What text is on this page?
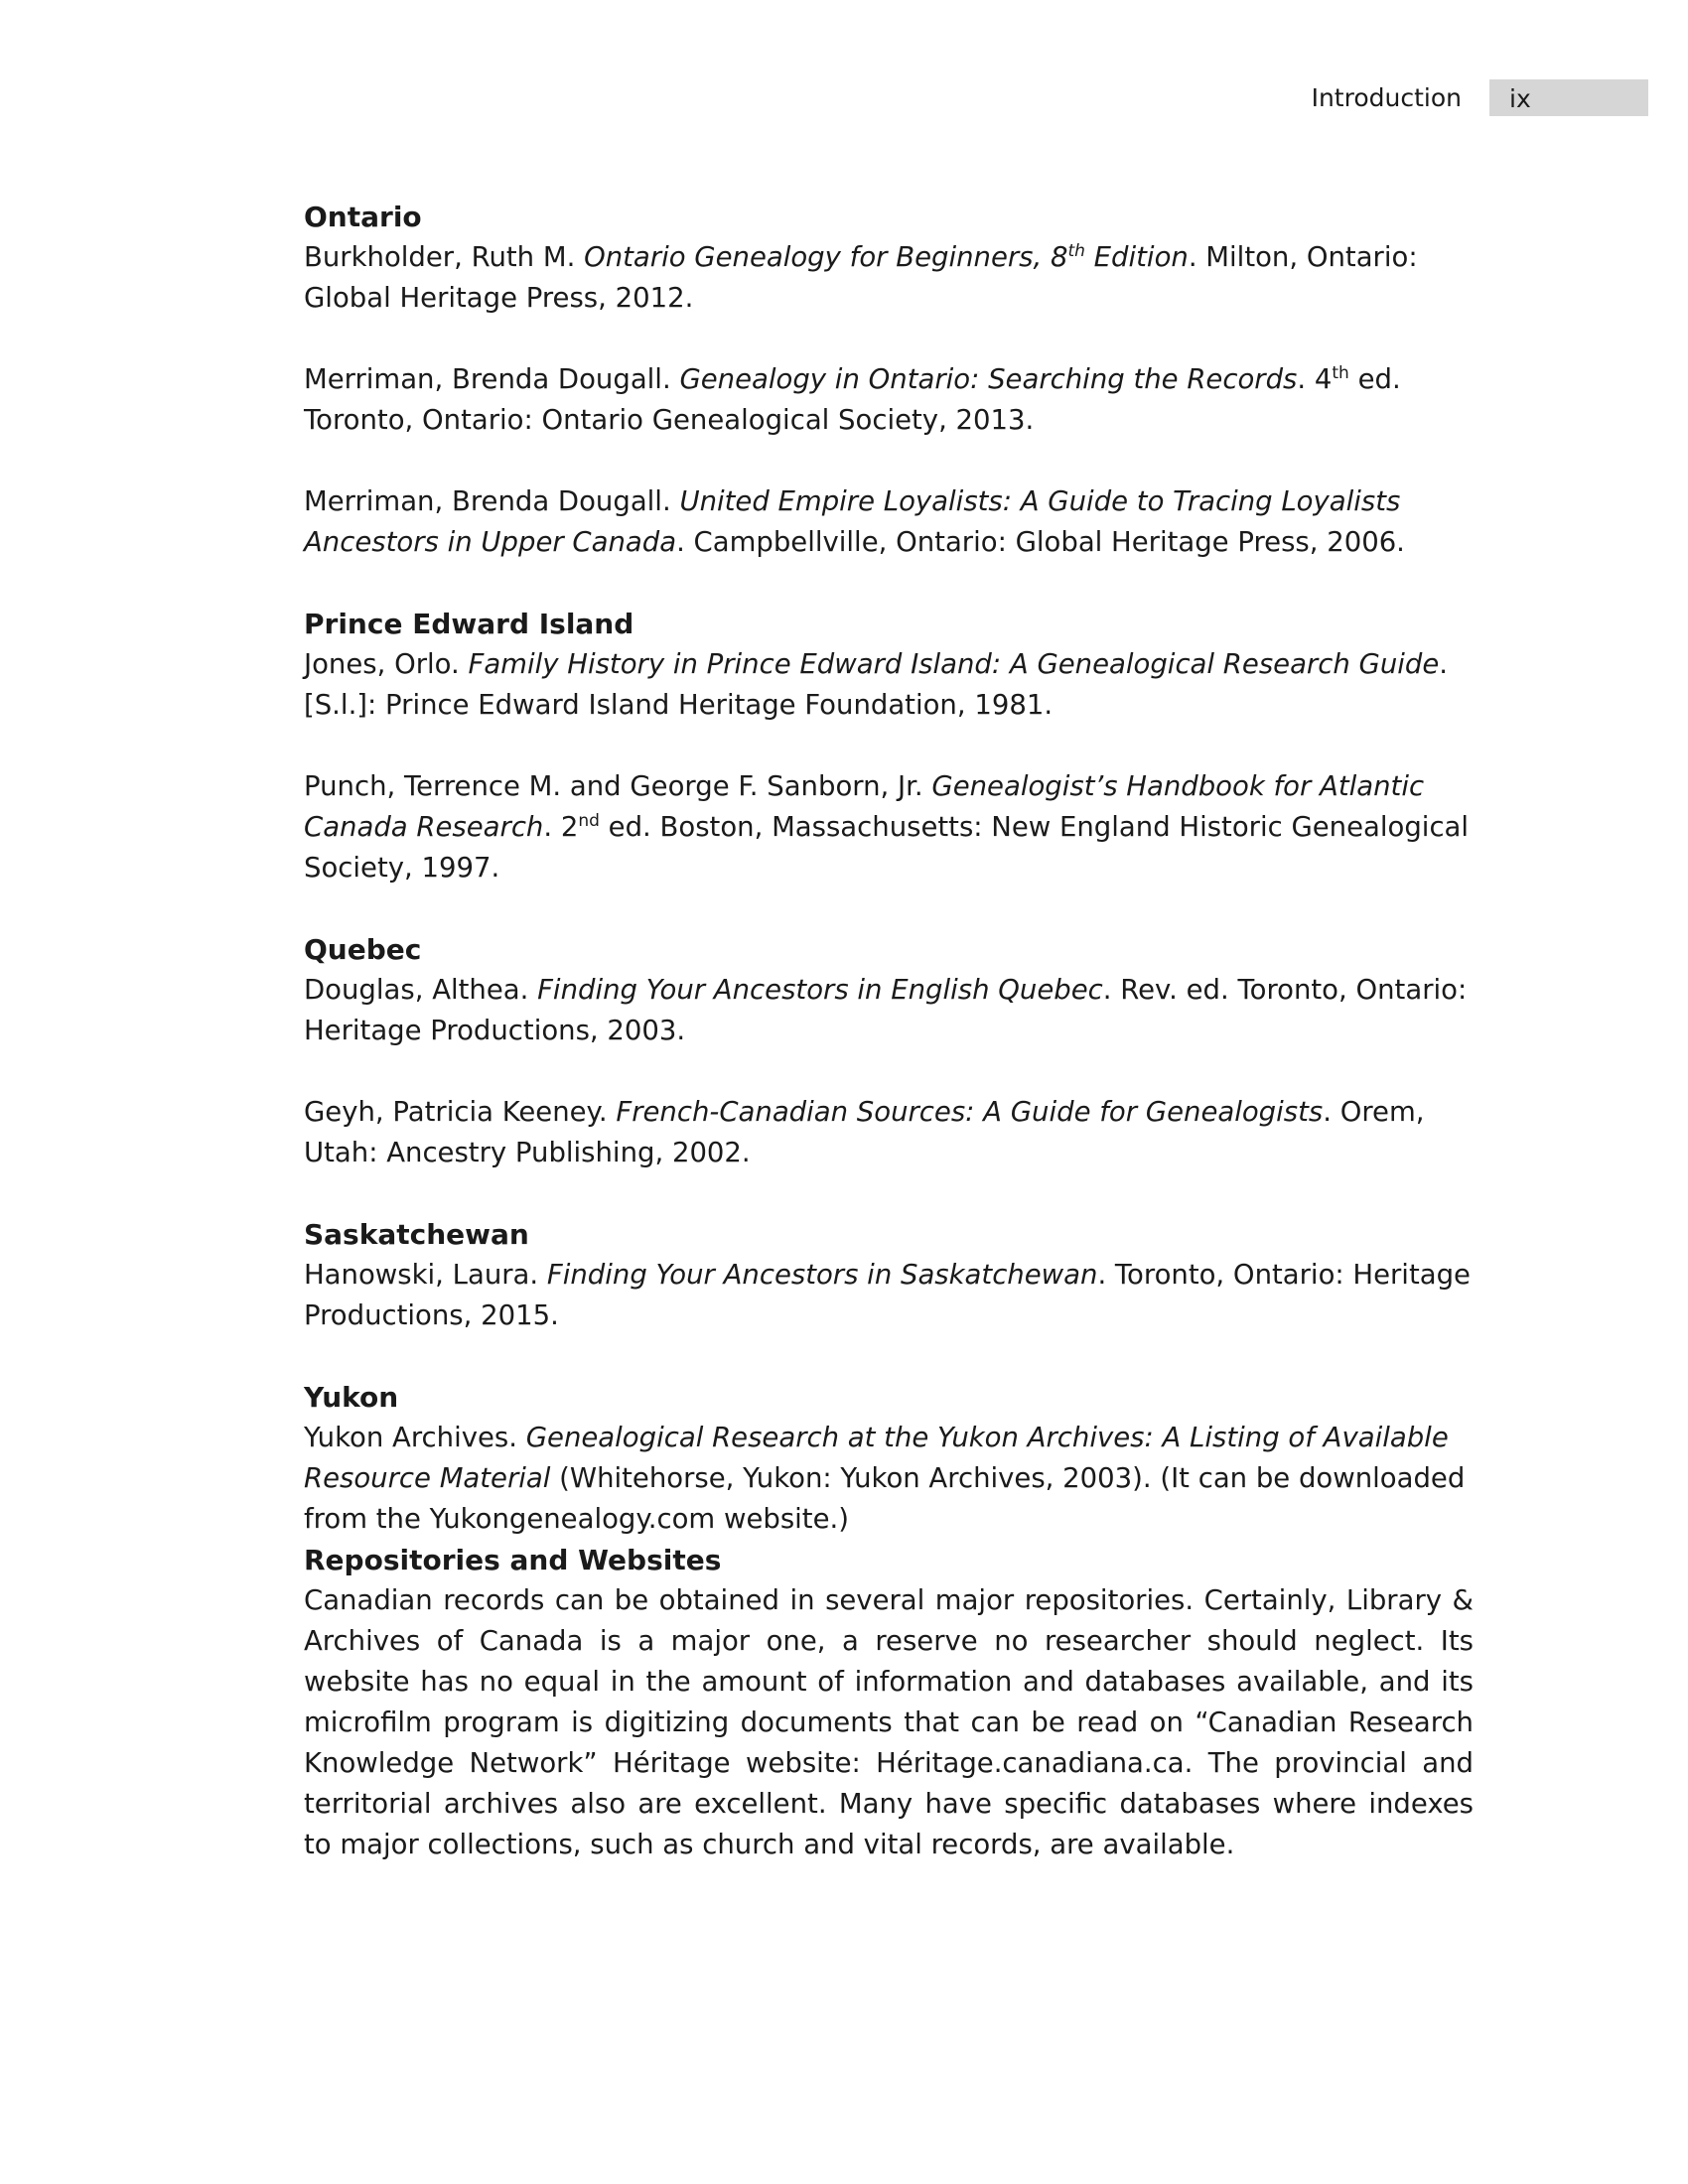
Introduction ix

Ontario

Burkholder, Ruth M. Ontario Genealogy for Beginners, 8th Edition. Milton, Ontario: Global Heritage Press, 2012.

Merriman, Brenda Dougall. Genealogy in Ontario: Searching the Records. 4th ed. Toronto, Ontario: Ontario Genealogical Society, 2013.

Merriman, Brenda Dougall. United Empire Loyalists: A Guide to Tracing Loyalists Ancestors in Upper Canada. Campbellville, Ontario: Global Heritage Press, 2006.

Prince Edward Island

Jones, Orlo. Family History in Prince Edward Island: A Genealogical Research Guide. [S.l.]: Prince Edward Island Heritage Foundation, 1981.

Punch, Terrence M. and George F. Sanborn, Jr. Genealogist’s Handbook for Atlantic Canada Research. 2nd ed. Boston, Massachusetts: New England Historic Genealogical Society, 1997.

Quebec

Douglas, Althea. Finding Your Ancestors in English Quebec. Rev. ed. Toronto, Ontario: Heritage Productions, 2003.

Geyh, Patricia Keeney. French-Canadian Sources: A Guide for Genealogists. Orem, Utah: Ancestry Publishing, 2002.

Saskatchewan

Hanowski, Laura. Finding Your Ancestors in Saskatchewan. Toronto, Ontario: Heritage Productions, 2015.

Yukon

Yukon Archives. Genealogical Research at the Yukon Archives: A Listing of Available Resource Material (Whitehorse, Yukon: Yukon Archives, 2003). (It can be downloaded from the Yukongenealogy.com website.)

Repositories and Websites

Canadian records can be obtained in several major repositories. Certainly, Library & Archives of Canada is a major one, a reserve no researcher should neglect. Its website has no equal in the amount of information and databases available, and its microfilm program is digitizing documents that can be read on “Canadian Research Knowledge Network” Héritage website: Héritage.canadiana.ca. The provincial and territorial archives also are excellent. Many have specific databases where indexes to major collections, such as church and vital records, are available.
